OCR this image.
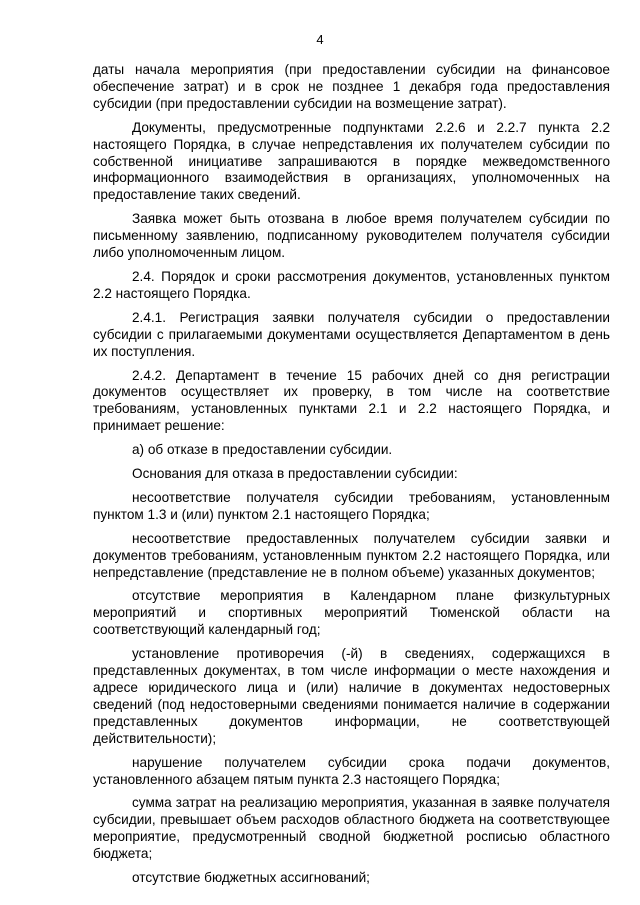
4

даты начала мероприятия (при предоставлении субсидии на финансовое обеспечение затрат) и в срок не позднее 1 декабря года предоставления субсидии (при предоставлении субсидии на возмещение затрат).

Документы, предусмотренные подпунктами 2.2.6 и 2.2.7 пункта 2.2 настоящего Порядка, в случае непредставления их получателем субсидии по собственной инициативе запрашиваются в порядке межведомственного информационного взаимодействия в организациях, уполномоченных на предоставление таких сведений.

Заявка может быть отозвана в любое время получателем субсидии по письменному заявлению, подписанному руководителем получателя субсидии либо уполномоченным лицом.

2.4. Порядок и сроки рассмотрения документов, установленных пунктом 2.2 настоящего Порядка.

2.4.1. Регистрация заявки получателя субсидии о предоставлении субсидии с прилагаемыми документами осуществляется Департаментом в день их поступления.

2.4.2. Департамент в течение 15 рабочих дней со дня регистрации документов осуществляет их проверку, в том числе на соответствие требованиям, установленных пунктами 2.1 и 2.2 настоящего Порядка, и принимает решение:

а) об отказе в предоставлении субсидии.

Основания для отказа в предоставлении субсидии:

несоответствие получателя субсидии требованиям, установленным пунктом 1.3 и (или) пунктом 2.1 настоящего Порядка;

несоответствие предоставленных получателем субсидии заявки и документов требованиям, установленным пунктом 2.2 настоящего Порядка, или непредставление (представление не в полном объеме) указанных документов;

отсутствие мероприятия в Календарном плане физкультурных мероприятий и спортивных мероприятий Тюменской области на соответствующий календарный год;

установление противоречия (-й) в сведениях, содержащихся в представленных документах, в том числе информации о месте нахождения и адресе юридического лица и (или) наличие в документах недостоверных сведений (под недостоверными сведениями понимается наличие в содержании представленных документов информации, не соответствующей действительности);

нарушение получателем субсидии срока подачи документов, установленного абзацем пятым пункта 2.3 настоящего Порядка;

сумма затрат на реализацию мероприятия, указанная в заявке получателя субсидии, превышает объем расходов областного бюджета на соответствующее мероприятие, предусмотренный сводной бюджетной росписью областного бюджета;

отсутствие бюджетных ассигнований;
